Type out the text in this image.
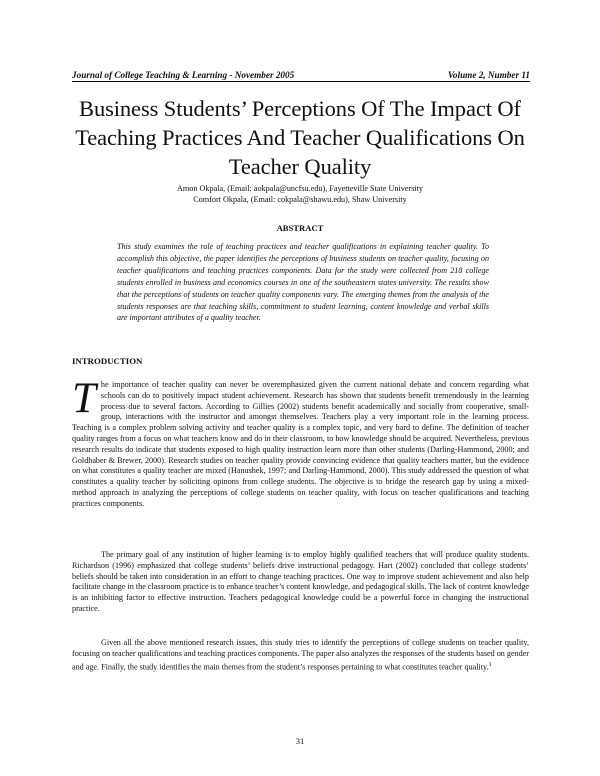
Journal of College Teaching & Learning - November 2005	Volume 2, Number 11
Business Students’ Perceptions Of The Impact Of Teaching Practices And Teacher Qualifications On Teacher Quality
Amon Okpala, (Email: aokpala@uncfsu.edu), Fayetteville State University
Comfort Okpala, (Email: cokpala@shawu.edu), Shaw University
ABSTRACT

This study examines the role of teaching practices and teacher qualifications in explaining teacher quality. To accomplish this objective, the paper identifies the perceptions of business students on teacher quality, focusing on teacher qualifications and teaching practices components. Data for the study were collected from 218 college students enrolled in business and economics courses in one of the southeastern states university. The results show that the perceptions of students on teacher quality components vary. The emerging themes from the analysis of the students responses are that teaching skills, commitment to student learning, content knowledge and verbal skills are important attributes of a quality teacher.

INTRODUCTION

The importance of teacher quality can never be overemphasized given the current national debate and concern regarding what schools can do to positively impact student achievement. Research has shown that students benefit tremendously in the learning process due to several factors. According to Gillies (2002) students benefit academically and socially from cooperative, small-group, interactions with the instructor and amongst themselves. Teachers play a very important role in the learning process. Teaching is a complex problem solving activity and teacher quality is a complex topic, and very hard to define. The definition of teacher quality ranges from a focus on what teachers know and do in their classroom, to how knowledge should be acquired. Nevertheless, previous research results do indicate that students exposed to high quality instruction learn more than other students (Darling-Hammond, 2000; and Goldhaber & Brewer, 2000). Research studies on teacher quality provide convincing evidence that quality teachers matter, but the evidence on what constitutes a quality teacher are mixed (Hanushek, 1997; and Darling-Hammond, 2000). This study addressed the question of what constitutes a quality teacher by soliciting opinons from college students. The objective is to bridge the research gap by using a mixed-method approach in analyzing the perceptions of college students on teacher quality, with focus on teacher qualifications and teaching practices components.

The primary goal of any institution of higher learning is to employ highly qualified teachers that will produce quality students. Richardson (1996) emphasized that college students’ beliefs drive instructional pedagogy. Hart (2002) concluded that college students’ beliefs should be taken into consideration in an effort to change teaching practices. One way to improve student achievement and also help facilitate change in the classroom practice is to enhance teacher’s content knowledge, and pedagogical skills. The lack of content knowledge is an inhibiting factor to effective instruction. Teachers pedagogical knowledge could be a powerful force in changing the instructional practice.

Given all the above mentioned research issues, this study tries to identify the perceptions of college students on teacher quality, focusing on teacher qualifications and teaching practices components. The paper also analyzes the responses of the students based on gender and age. Finally, the study identifies the main themes from the student’s responses pertaining to what constitutes teacher quality.$^1$

31
